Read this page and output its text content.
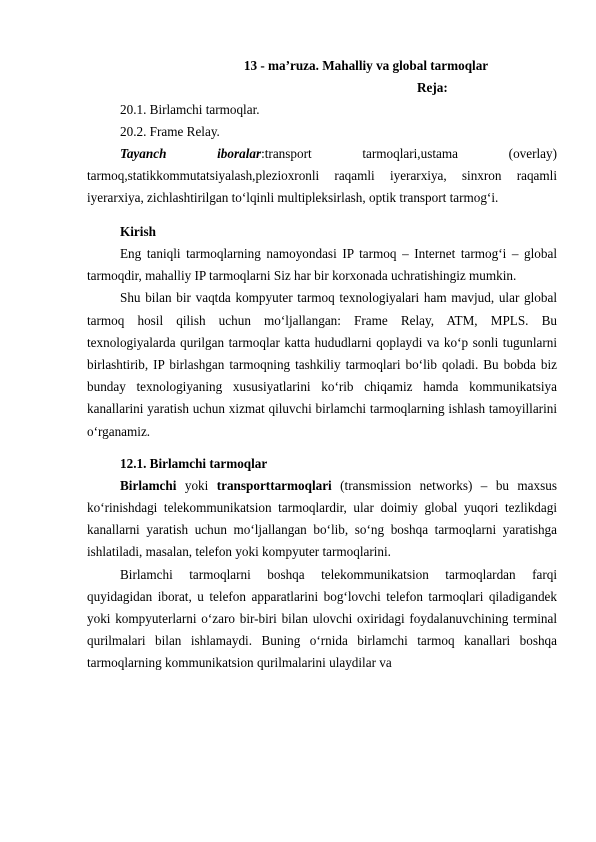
13 - ma’ruza. Mahalliy va global tarmoqlar

Reja:

20.1. Birlamchi tarmoqlar.

20.2. Frame Relay.

Tayanch iboralar:transport tarmoqlari,ustama (overlay) tarmoq,statikkommutatsiyalash,plezioxronli raqamli iyerarxiya, sinxron raqamli iyerarxiya, zichlashtirilgan to‘lqinli multipleksirlash, optik transport tarmog‘i.

Kirish

Eng taniqli tarmoqlarning namoyondasi IP tarmoq – Internet tarmog‘i – global tarmoqdir, mahalliy IP tarmoqlarni Siz har bir korxonada uchratishingiz mumkin.

Shu bilan bir vaqtda kompyuter tarmoq texnologiyalari ham mavjud, ular global tarmoq hosil qilish uchun mo‘ljallangan: Frame Relay, ATM, MPLS. Bu texnologiyalarda qurilgan tarmoqlar katta hududlarni qoplaydi va ko‘p sonli tugunlarni birlashtirib, IP birlashgan tarmoqning tashkiliy tarmoqlari bo‘lib qoladi. Bu bobda biz bunday texnologiyaning xususiyatlarini ko‘rib chiqamiz hamda kommunikatsiya kanallarini yaratish uchun xizmat qiluvchi birlamchi tarmoqlarning ishlash tamoyillarini o‘rganamiz.

12.1. Birlamchi tarmoqlar

Birlamchi yoki transporttarmoqlari (transmission networks) – bu maxsus ko‘rinishdagi telekommunikatsion tarmoqlardir, ular doimiy global yuqori tezlikdagi kanallarni yaratish uchun mo‘ljallangan bo‘lib, so‘ng boshqa tarmoqlarni yaratishga ishlatiladi, masalan, telefon yoki kompyuter tarmoqlarini.

Birlamchi tarmoqlarni boshqa telekommunikatsion tarmoqlardan farqi quyidagidan iborat, u telefon apparatlarini bog‘lovchi telefon tarmoqlari qiladigandek yoki kompyuterlarni o‘zaro bir-biri bilan ulovchi oxiridagi foydalanuvchining terminal qurilmalari bilan ishlamaydi. Buning o‘rnida birlamchi tarmoq kanallari boshqa tarmoqlarning kommunikatsion qurilmalarini ulaydilar va
